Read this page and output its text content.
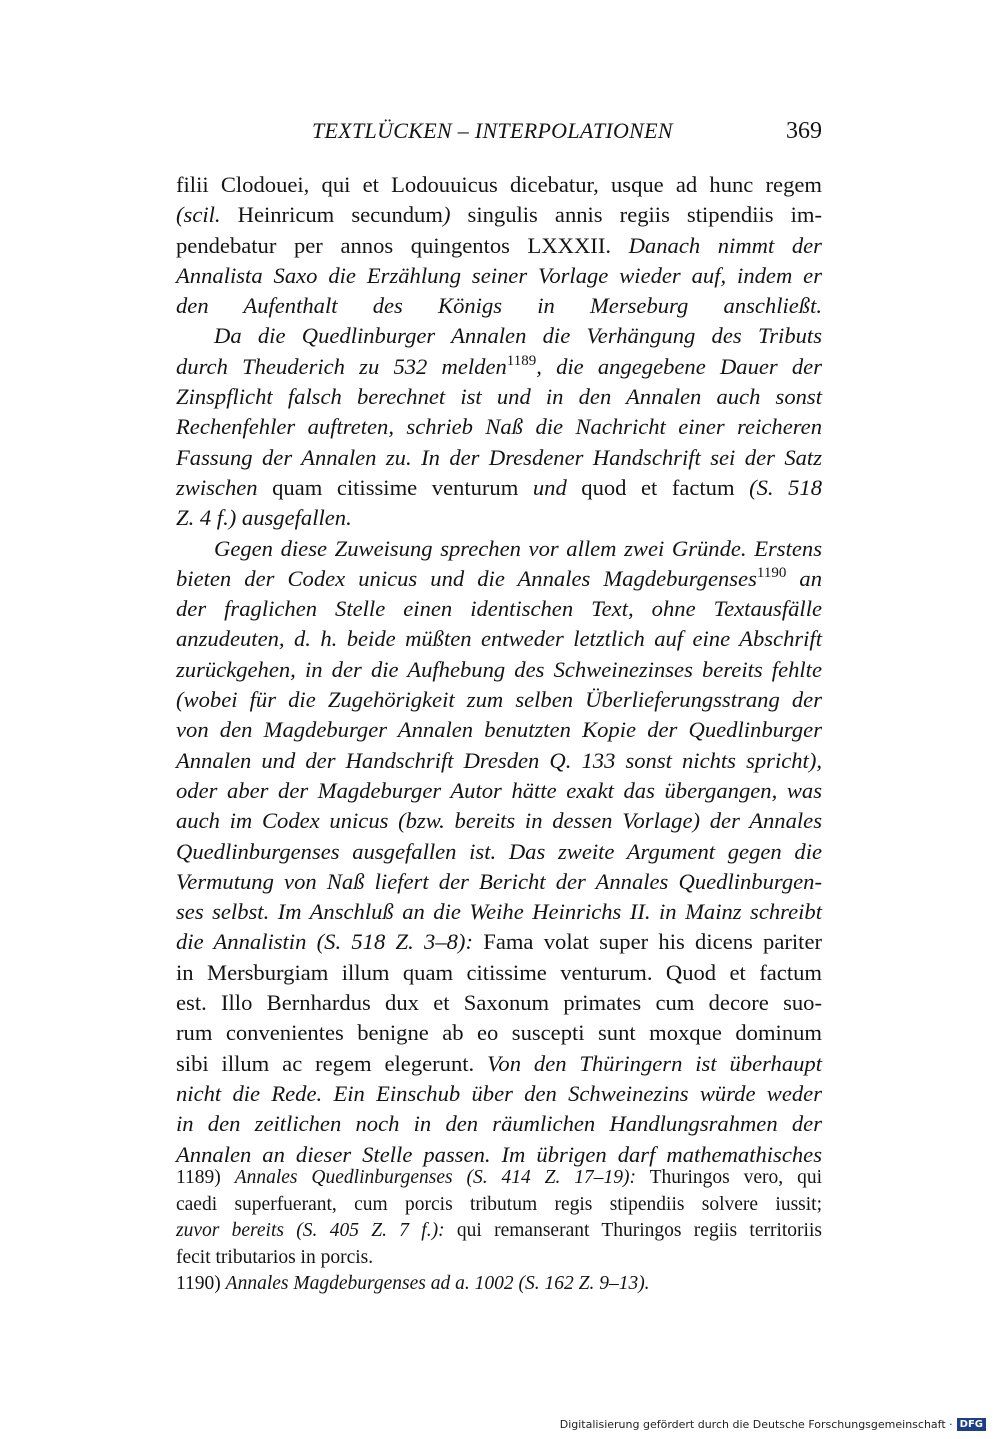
TEXTLÜCKEN – INTERPOLATIONEN	369
filii Clodouei, qui et Lodouuicus dicebatur, usque ad hunc regem
(scil. Heinricum secundum) singulis annis regiis stipendiis im-
pendebatur per annos quingentos LXXXII. Danach nimmt der
Annalista Saxo die Erzählung seiner Vorlage wieder auf, indem er
den Aufenthalt des Königs in Merseburg anschließt.
Da die Quedlinburger Annalen die Verhängung des Tributs
durch Theuderich zu 532 melden$^{1189}$, die angegebene Dauer der
Zinspflicht falsch berechnet ist und in den Annalen auch sonst
Rechenfehler auftreten, schrieb Naß die Nachricht einer reicheren
Fassung der Annalen zu. In der Dresdener Handschrift sei der Satz
zwischen quam citissime venturum und quod et factum (S. 518
Z. 4 f.) ausgefallen.
Gegen diese Zuweisung sprechen vor allem zwei Gründe. Erstens
bieten der Codex unicus und die Annales Magdeburgenses$^{1190}$ an
der fraglichen Stelle einen identischen Text, ohne Textausfälle
anzudeuten, d. h. beide müßten entweder letztlich auf eine Abschrift
zurückgehen, in der die Aufhebung des Schweinezinses bereits fehlte
(wobei für die Zugehörigkeit zum selben Überlieferungsstrang der
von den Magdeburger Annalen benutzten Kopie der Quedlinburger
Annalen und der Handschrift Dresden Q. 133 sonst nichts spricht),
oder aber der Magdeburger Autor hätte exakt das übergangen, was
auch im Codex unicus (bzw. bereits in dessen Vorlage) der Annales
Quedlinburgenses ausgefallen ist. Das zweite Argument gegen die
Vermutung von Naß liefert der Bericht der Annales Quedlinburgen-
ses selbst. Im Anschluß an die Weihe Heinrichs II. in Mainz schreibt
die Annalistin (S. 518 Z. 3–8): Fama volat super his dicens pariter
in Mersburgiam illum quam citissime venturum. Quod et factum
est. Illo Bernhardus dux et Saxonum primates cum decore suo-
rum convenientes benigne ab eo suscepti sunt moxque dominum
sibi illum ac regem elegerunt. Von den Thüringern ist überhaupt
nicht die Rede. Ein Einschub über den Schweinezins würde weder
in den zeitlichen noch in den räumlichen Handlungsrahmen der
Annalen an dieser Stelle passen. Im übrigen darf mathemathisches
1189) Annales Quedlinburgenses (S. 414 Z. 17–19): Thuringos vero, qui
caedi superfuerant, cum porcis tributum regis stipendiis solvere iussit;
zuvor bereits (S. 405 Z. 7 f.): qui remanserant Thuringos regiis territoriis
fecit tributarios in porcis.
1190) Annales Magdeburgenses ad a. 1002 (S. 162 Z. 9–13).
Digitalisierung gefördert durch die Deutsche Forschungsgemeinschaft · DFG
